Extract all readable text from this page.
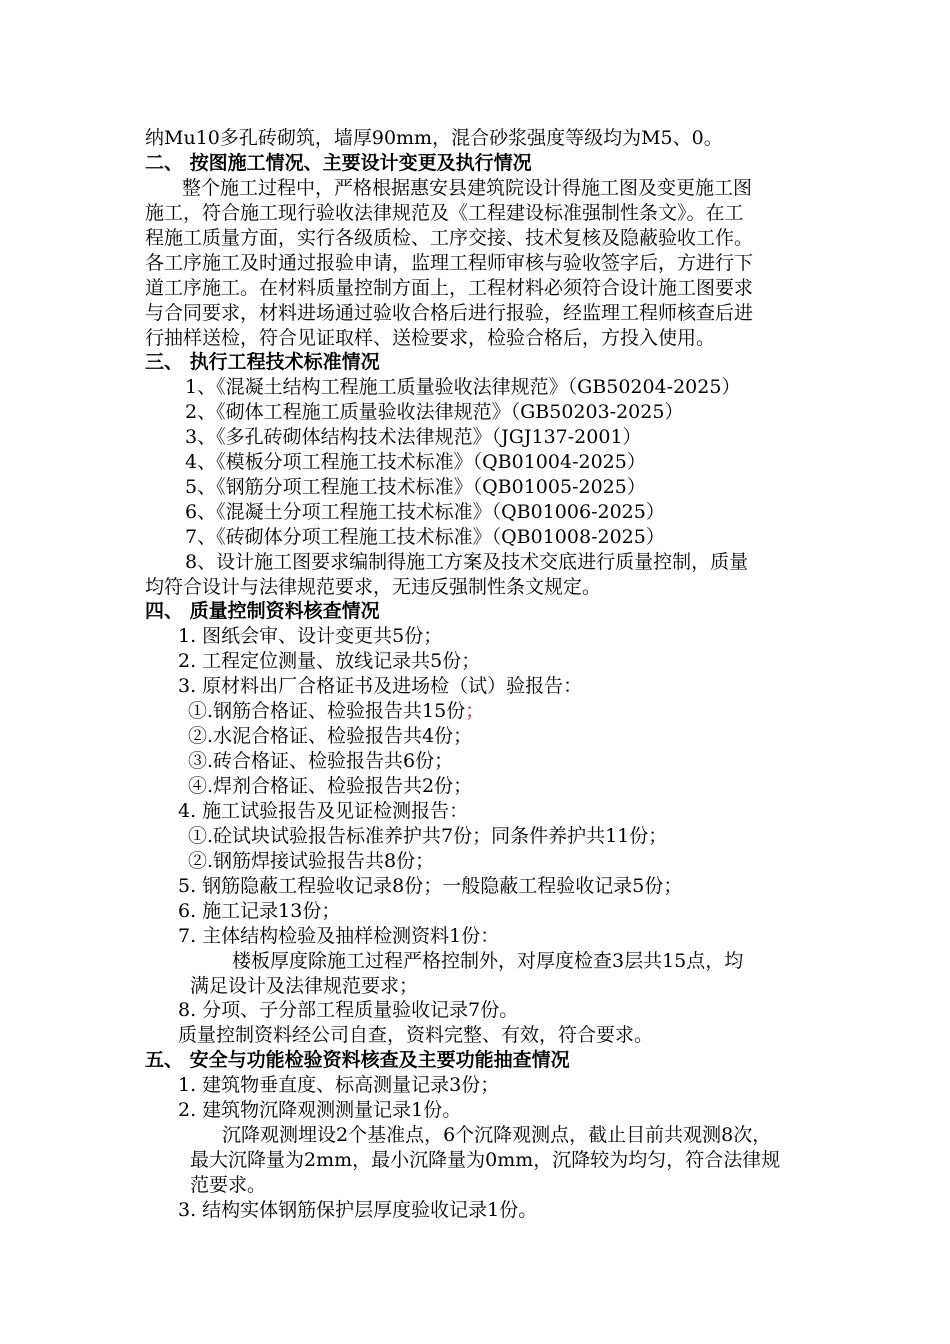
纳Mu10多孔砖砌筑，墙厚90mm，混合砂浆强度等级均为M5、0。
二、 按图施工情况、主要设计变更及执行情况
整个施工过程中，严格根据惠安县建筑院设计得施工图及变更施工图
施工，符合施工现行验收法律规范及《工程建设标准强制性条文》。在工
程施工质量方面，实行各级质检、工序交接、技术复核及隐蔽验收工作。
各工序施工及时通过报验申请，监理工程师审核与验收签字后，方进行下
道工序施工。在材料质量控制方面上，工程材料必须符合设计施工图要求
与合同要求，材料进场通过验收合格后进行报验，经监理工程师核查后进
行抽样送检，符合见证取样、送检要求，检验合格后，方投入使用。
三、 执行工程技术标准情况
1、《混凝土结构工程施工质量验收法律规范》（GB50204-2025）
2、《砌体工程施工质量验收法律规范》（GB50203-2025）
3、《多孔砖砌体结构技术法律规范》（JGJ137-2001）
4、《模板分项工程施工技术标准》（QB01004-2025）
5、《钢筋分项工程施工技术标准》（QB01005-2025）
6、《混凝土分项工程施工技术标准》（QB01006-2025）
7、《砖砌体分项工程施工技术标准》（QB01008-2025）
8、设计施工图要求编制得施工方案及技术交底进行质量控制，质量
均符合设计与法律规范要求，无违反强制性条文规定。
四、 质量控制资料核查情况
1. 图纸会审、设计变更共5份；
2. 工程定位测量、放线记录共5份；
3. 原材料出厂合格证书及进场检（试）验报告：
①.钢筋合格证、检验报告共15份；
②.水泥合格证、检验报告共4份；
③.砖合格证、检验报告共6份；
④.焊剂合格证、检验报告共2份；
4. 施工试验报告及见证检测报告：
①.砼试块试验报告标准养护共7份；同条件养护共11份；
②.钢筋焊接试验报告共8份；
5. 钢筋隐蔽工程验收记录8份；一般隐蔽工程验收记录5份；
6. 施工记录13份；
7. 主体结构检验及抽样检测资料1份：
楼板厚度除施工过程严格控制外，对厚度检查3层共15点，均
满足设计及法律规范要求；
8. 分项、子分部工程质量验收记录7份。
质量控制资料经公司自查，资料完整、有效，符合要求。
五、 安全与功能检验资料核查及主要功能抽查情况
1. 建筑物垂直度、标高测量记录3份；
2. 建筑物沉降观测测量记录1份。
沉降观测埋设2个基准点，6个沉降观测点，截止目前共观测8次，
最大沉降量为2mm，最小沉降量为0mm，沉降较为均匀，符合法律规
范要求。
3. 结构实体钢筋保护层厚度验收记录1份。
